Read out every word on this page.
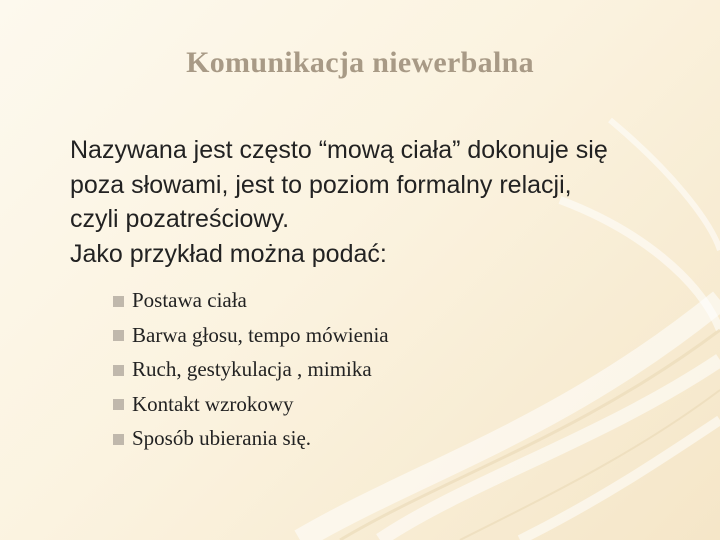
Komunikacja niewerbalna
Nazywana jest często “mową ciała” dokonuje się
poza słowami, jest to poziom formalny relacji,
czyli pozatreściowy.
Jako przykład można podać:
Postawa ciała
Barwa głosu, tempo mówienia
Ruch, gestykulacja , mimika
Kontakt wzrokowy
Sposób ubierania się.
